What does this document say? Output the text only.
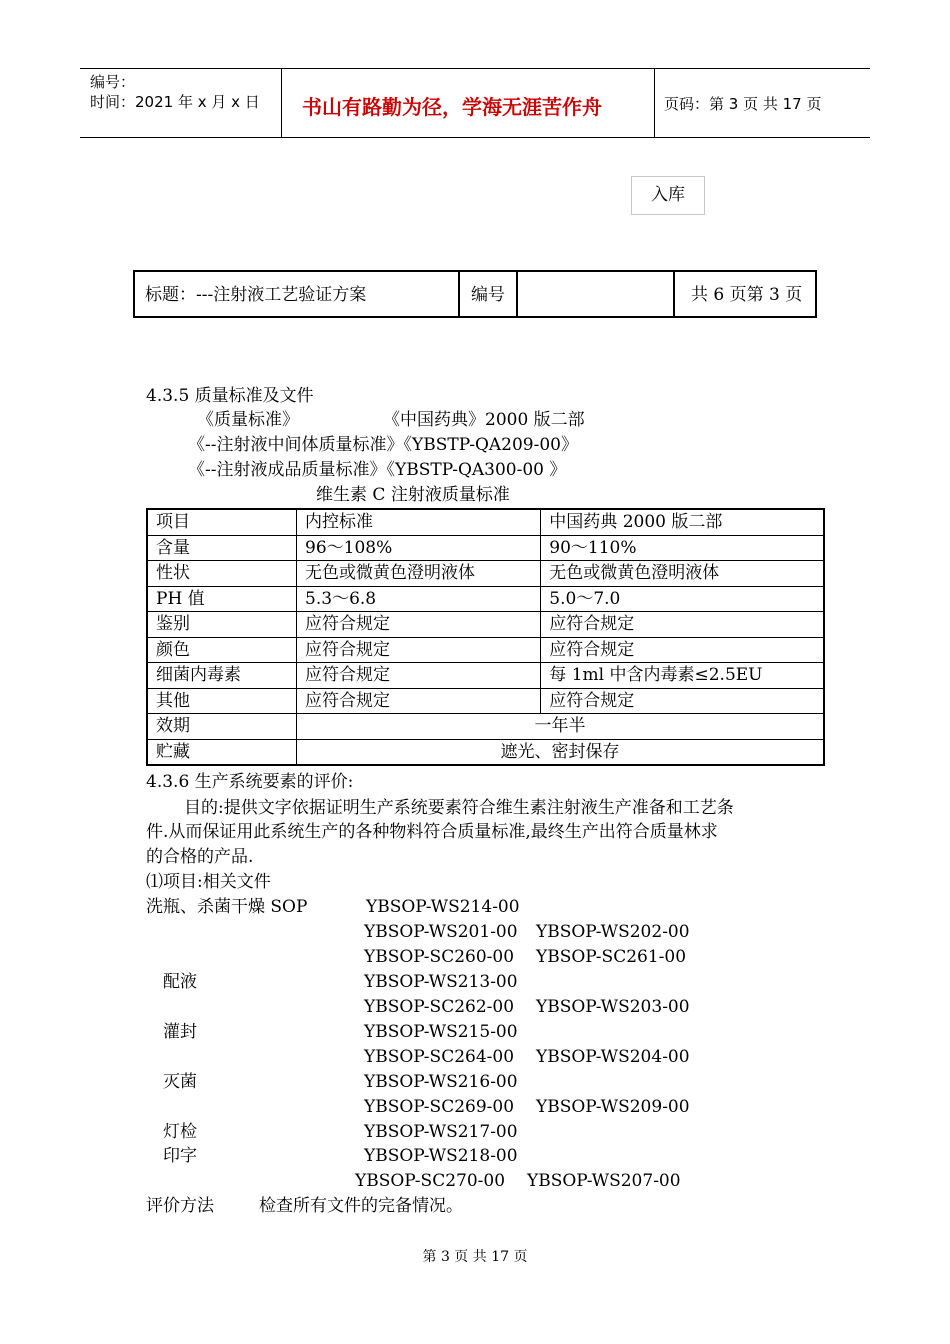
编号：
时间：2021 年 x 月 x 日 书山有路勤为径，学海无涯苦作舟	页码：第 3 页 共 17 页
入库
标题：---注射液工艺验证方案	编号	共 6 页第 3 页
4.3.5 质量标准及文件
《质量标准》	《中国药典》2000 版二部
《--注射液中间体质量标准》《YBSTP-QA209-00》
《--注射液成品质量标准》《YBSTP-QA300-00 》
维生素 C 注射液质量标准
项目	内控标准	中国药典 2000 版二部
含量	96～108%	90～110%
性状	无色或微黄色澄明液体	无色或微黄色澄明液体
PH 值	5.3～6.8	5.0～7.0
鉴别	应符合规定	应符合规定
颜色	应符合规定	应符合规定
细菌内毒素	应符合规定	每 1ml 中含内毒素≤2.5EU
其他	应符合规定	应符合规定
效期	一年半	
贮藏	遮光、密封保存	
4.3.6 生产系统要素的评价:
目的:提供文字依据证明生产系统要素符合维生素注射液生产准备和工艺条
件.从而保证用此系统生产的各种物料符合质量标准,最终生产出符合质量林求
的合格的产品.
⑴项目:相关文件
洗瓶、杀菌干燥 SOP	YBSOP-WS214-00
YBSOP-WS201-00 YBSOP-WS202-00
YBSOP-SC260-00 YBSOP-SC261-00
配液	YBSOP-WS213-00
YBSOP-SC262-00 YBSOP-WS203-00
灌封	YBSOP-WS215-00
YBSOP-SC264-00 YBSOP-WS204-00
灭菌	YBSOP-WS216-00
YBSOP-SC269-00 YBSOP-WS209-00
灯检	YBSOP-WS217-00
印字	YBSOP-WS218-00
YBSOP-SC270-00 YBSOP-WS207-00
评价方法	检查所有文件的完备情况。
第 3 页 共 17 页
